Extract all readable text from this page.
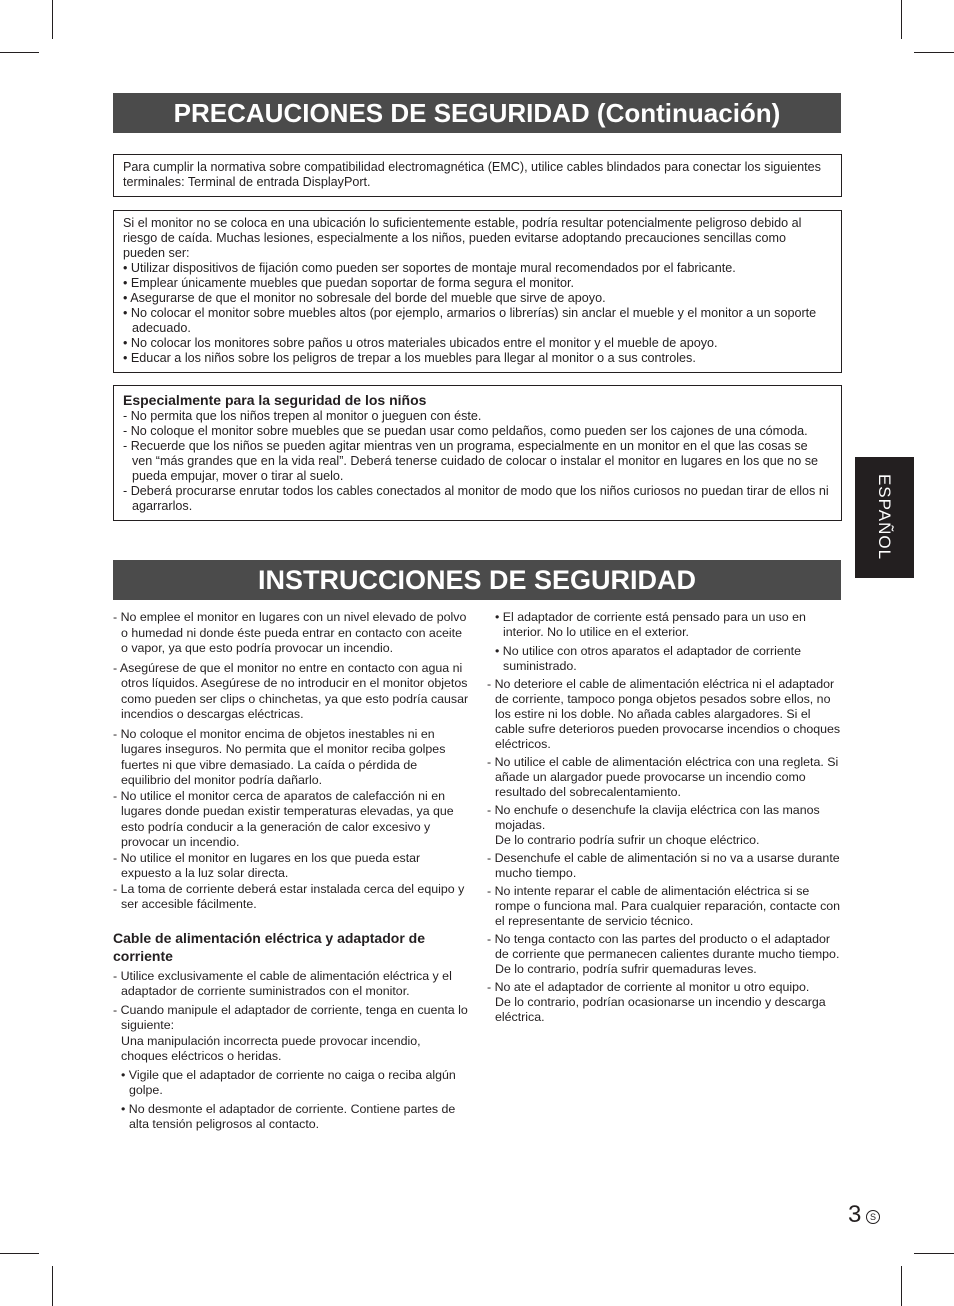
PRECAUCIONES DE SEGURIDAD (Continuación)

Para cumplir la normativa sobre compatibilidad electromagnética (EMC), utilice cables blindados para conectar los siguientes terminales: Terminal de entrada DisplayPort.

Si el monitor no se coloca en una ubicación lo suficientemente estable, podría resultar potencialmente peligroso debido al riesgo de caída. Muchas lesiones, especialmente a los niños, pueden evitarse adoptando precauciones sencillas como pueden ser:

• Utilizar dispositivos de fijación como pueden ser soportes de montaje mural recomendados por el fabricante.

• Emplear únicamente muebles que puedan soportar de forma segura el monitor.

• Asegurarse de que el monitor no sobresale del borde del mueble que sirve de apoyo.

• No colocar el monitor sobre muebles altos (por ejemplo, armarios o librerías) sin anclar el mueble y el monitor a un soporte adecuado.

• No colocar los monitores sobre paños u otros materiales ubicados entre el monitor y el mueble de apoyo.

• Educar a los niños sobre los peligros de trepar a los muebles para llegar al monitor o a sus controles.

Especialmente para la seguridad de los niños

- No permita que los niños trepen al monitor o jueguen con éste.

- No coloque el monitor sobre muebles que se puedan usar como peldaños, como pueden ser los cajones de una cómoda.

- Recuerde que los niños se pueden agitar mientras ven un programa, especialmente en un monitor en el que las cosas se ven “más grandes que en la vida real”. Deberá tenerse cuidado de colocar o instalar el monitor en lugares en los que no se pueda empujar, mover o tirar al suelo.

- Deberá procurarse enrutar todos los cables conectados al monitor de modo que los niños curiosos no puedan tirar de ellos ni agarrarlos.

INSTRUCCIONES DE SEGURIDAD

- No emplee el monitor en lugares con un nivel elevado de polvo o humedad ni donde éste pueda entrar en contacto con aceite o vapor, ya que esto podría provocar un incendio.

- Asegúrese de que el monitor no entre en contacto con agua ni otros líquidos. Asegúrese de no introducir en el monitor objetos como pueden ser clips o chinchetas, ya que esto podría causar incendios o descargas eléctricas.

- No coloque el monitor encima de objetos inestables ni en lugares inseguros. No permita que el monitor reciba golpes fuertes ni que vibre demasiado. La caída o pérdida de equilibrio del monitor podría dañarlo.

- No utilice el monitor cerca de aparatos de calefacción ni en lugares donde puedan existir temperaturas elevadas, ya que esto podría conducir a la generación de calor excesivo y provocar un incendio.

- No utilice el monitor en lugares en los que pueda estar expuesto a la luz solar directa.

- La toma de corriente deberá estar instalada cerca del equipo y ser accesible fácilmente.

Cable de alimentación eléctrica y adaptador de corriente

- Utilice exclusivamente el cable de alimentación eléctrica y el adaptador de corriente suministrados con el monitor.

- Cuando manipule el adaptador de corriente, tenga en cuenta lo siguiente:

Una manipulación incorrecta puede provocar incendio, choques eléctricos o heridas.

• Vigile que el adaptador de corriente no caiga o reciba algún golpe.

• No desmonte el adaptador de corriente. Contiene partes de alta tensión peligrosos al contacto.

• El adaptador de corriente está pensado para un uso en interior. No lo utilice en el exterior.

• No utilice con otros aparatos el adaptador de corriente suministrado.

- No deteriore el cable de alimentación eléctrica ni el adaptador de corriente, tampoco ponga objetos pesados sobre ellos, no los estire ni los doble. No añada cables alargadores. Si el cable sufre deterioros pueden provocarse incendios o choques eléctricos.

- No utilice el cable de alimentación eléctrica con una regleta. Si añade un alargador puede provocarse un incendio como resultado del sobrecalentamiento.

- No enchufe o desenchufe la clavija eléctrica con las manos mojadas.

De lo contrario podría sufrir un choque eléctrico.

- Desenchufe el cable de alimentación si no va a usarse durante mucho tiempo.

- No intente reparar el cable de alimentación eléctrica si se rompe o funciona mal. Para cualquier reparación, contacte con el representante de servicio técnico.

- No tenga contacto con las partes del producto o el adaptador de corriente que permanecen calientes durante mucho tiempo.

De lo contrario, podría sufrir quemaduras leves.

- No ate el adaptador de corriente al monitor u otro equipo.

De lo contrario, podrían ocasionarse un incendio y descarga eléctrica.

ESPAÑOL
3 S
